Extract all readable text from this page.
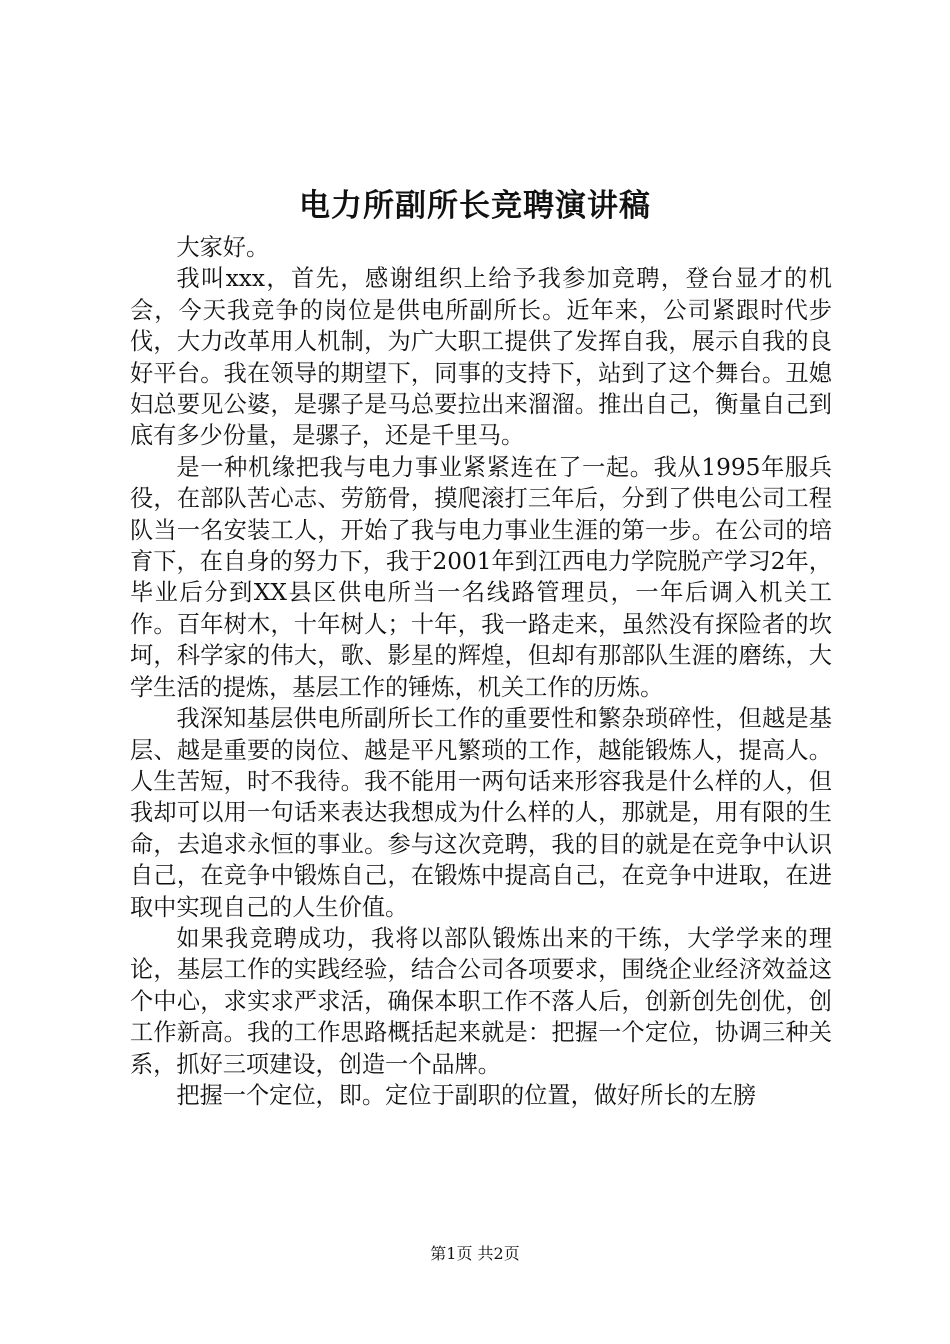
电力所副所长竞聘演讲稿

大家好。

我叫xxx，首先，感谢组织上给予我参加竞聘，登台显才的机会，今天我竞争的岗位是供电所副所长。近年来，公司紧跟时代步伐，大力改革用人机制，为广大职工提供了发挥自我，展示自我的良好平台。我在领导的期望下，同事的支持下，站到了这个舞台。丑媳妇总要见公婆，是骡子是马总要拉出来溜溜。推出自己，衡量自己到底有多少份量，是骡子，还是千里马。

是一种机缘把我与电力事业紧紧连在了一起。我从1995年服兵役，在部队苦心志、劳筋骨，摸爬滚打三年后，分到了供电公司工程队当一名安装工人，开始了我与电力事业生涯的第一步。在公司的培育下，在自身的努力下，我于2001年到江西电力学院脱产学习2年，毕业后分到XX县区供电所当一名线路管理员，一年后调入机关工作。百年树木，十年树人；十年，我一路走来，虽然没有探险者的坎坷，科学家的伟大，歌、影星的辉煌，但却有那部队生涯的磨练，大学生活的提炼，基层工作的锤炼，机关工作的历炼。

我深知基层供电所副所长工作的重要性和繁杂琐碎性，但越是基层、越是重要的岗位、越是平凡繁琐的工作，越能锻炼人，提高人。人生苦短，时不我待。我不能用一两句话来形容我是什么样的人，但我却可以用一句话来表达我想成为什么样的人，那就是，用有限的生命，去追求永恒的事业。参与这次竞聘，我的目的就是在竞争中认识自己，在竞争中锻炼自己，在锻炼中提高自己，在竞争中进取，在进取中实现自己的人生价值。

如果我竞聘成功，我将以部队锻炼出来的干练，大学学来的理论，基层工作的实践经验，结合公司各项要求，围绕企业经济效益这个中心，求实求严求活，确保本职工作不落人后，创新创先创优，创工作新高。我的工作思路概括起来就是：把握一个定位，协调三种关系，抓好三项建设，创造一个品牌。

把握一个定位，即。定位于副职的位置，做好所长的左膀

第1页 共2页
